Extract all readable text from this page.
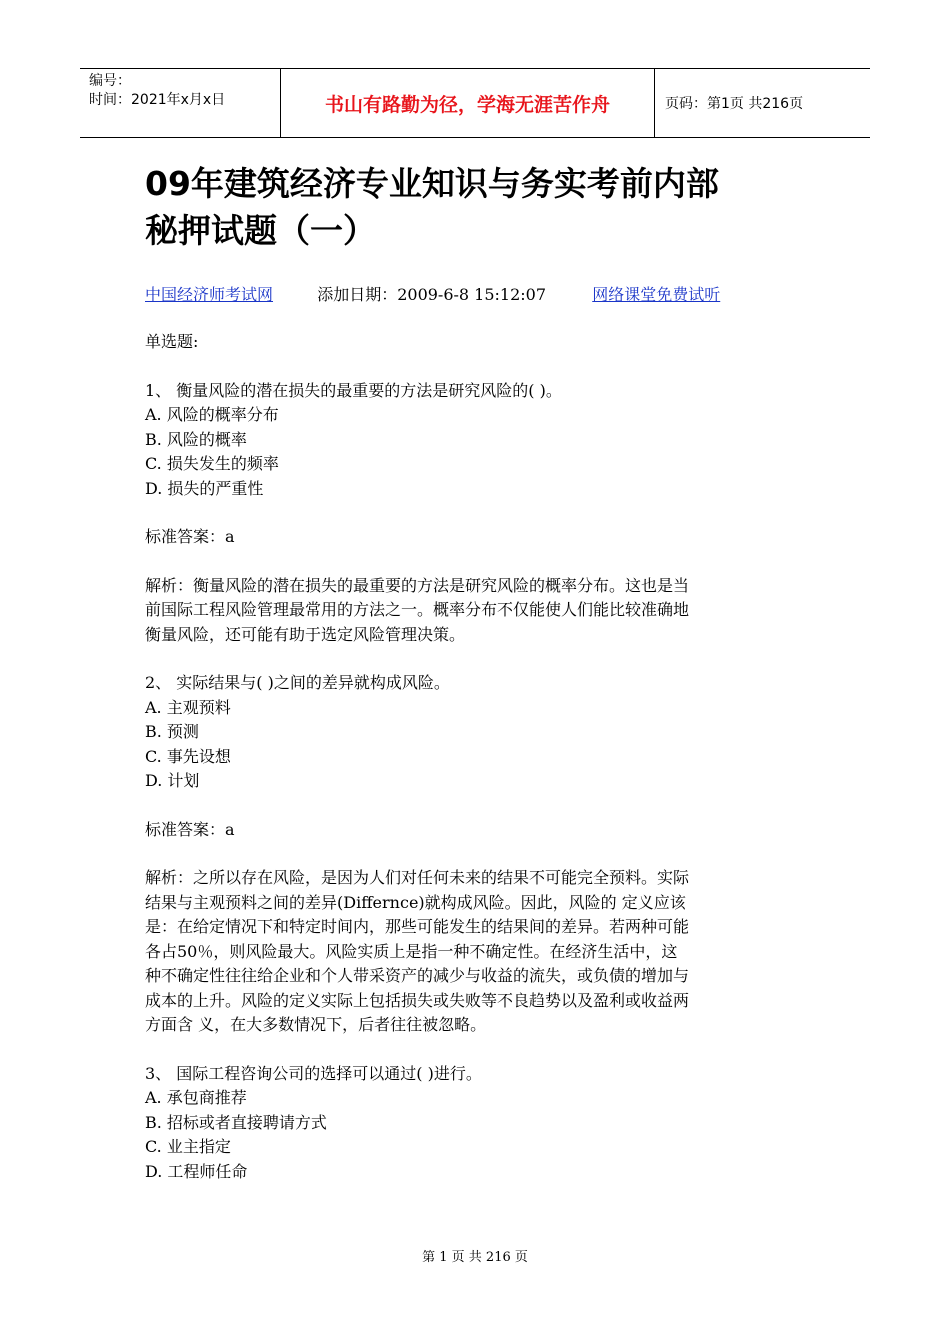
编号：
时间：2021年x月x日	书山有路勤为径，学海无涯苦作舟	页码：第1页 共216页
09年建筑经济专业知识与务实考前内部
秘押试题（一）
中国经济师考试网	添加日期：2009-6-8 15:12:07	网络课堂免费试听

单选题:

1、 衡量风险的潜在损失的最重要的方法是研究风险的( )。
A. 风险的概率分布
B. 风险的概率
C. 损失发生的频率
D. 损失的严重性

标准答案：a

解析：衡量风险的潜在损失的最重要的方法是研究风险的概率分布。这也是当
前国际工程风险管理最常用的方法之一。概率分布不仅能使人们能比较准确地
衡量风险，还可能有助于选定风险管理决策。

2、 实际结果与( )之间的差异就构成风险。
A. 主观预料
B. 预测
C. 事先设想
D. 计划

标准答案：a

解析：之所以存在风险，是因为人们对任何未来的结果不可能完全预料。实际
结果与主观预料之间的差异(Differnce)就构成风险。因此，风险的 定义应该
是：在给定情况下和特定时间内，那些可能发生的结果间的差异。若两种可能
各占50％，则风险最大。风险实质上是指一种不确定性。在经济生活中，这
种不确定性往往给企业和个人带采资产的减少与收益的流失，或负债的增加与
成本的上升。风险的定义实际上包括损失或失败等不良趋势以及盈利或收益两
方面含 义，在大多数情况下，后者往往被忽略。

3、 国际工程咨询公司的选择可以通过( )进行。
A. 承包商推荐
B. 招标或者直接聘请方式
C. 业主指定
D. 工程师任命

第 1 页 共 216 页
